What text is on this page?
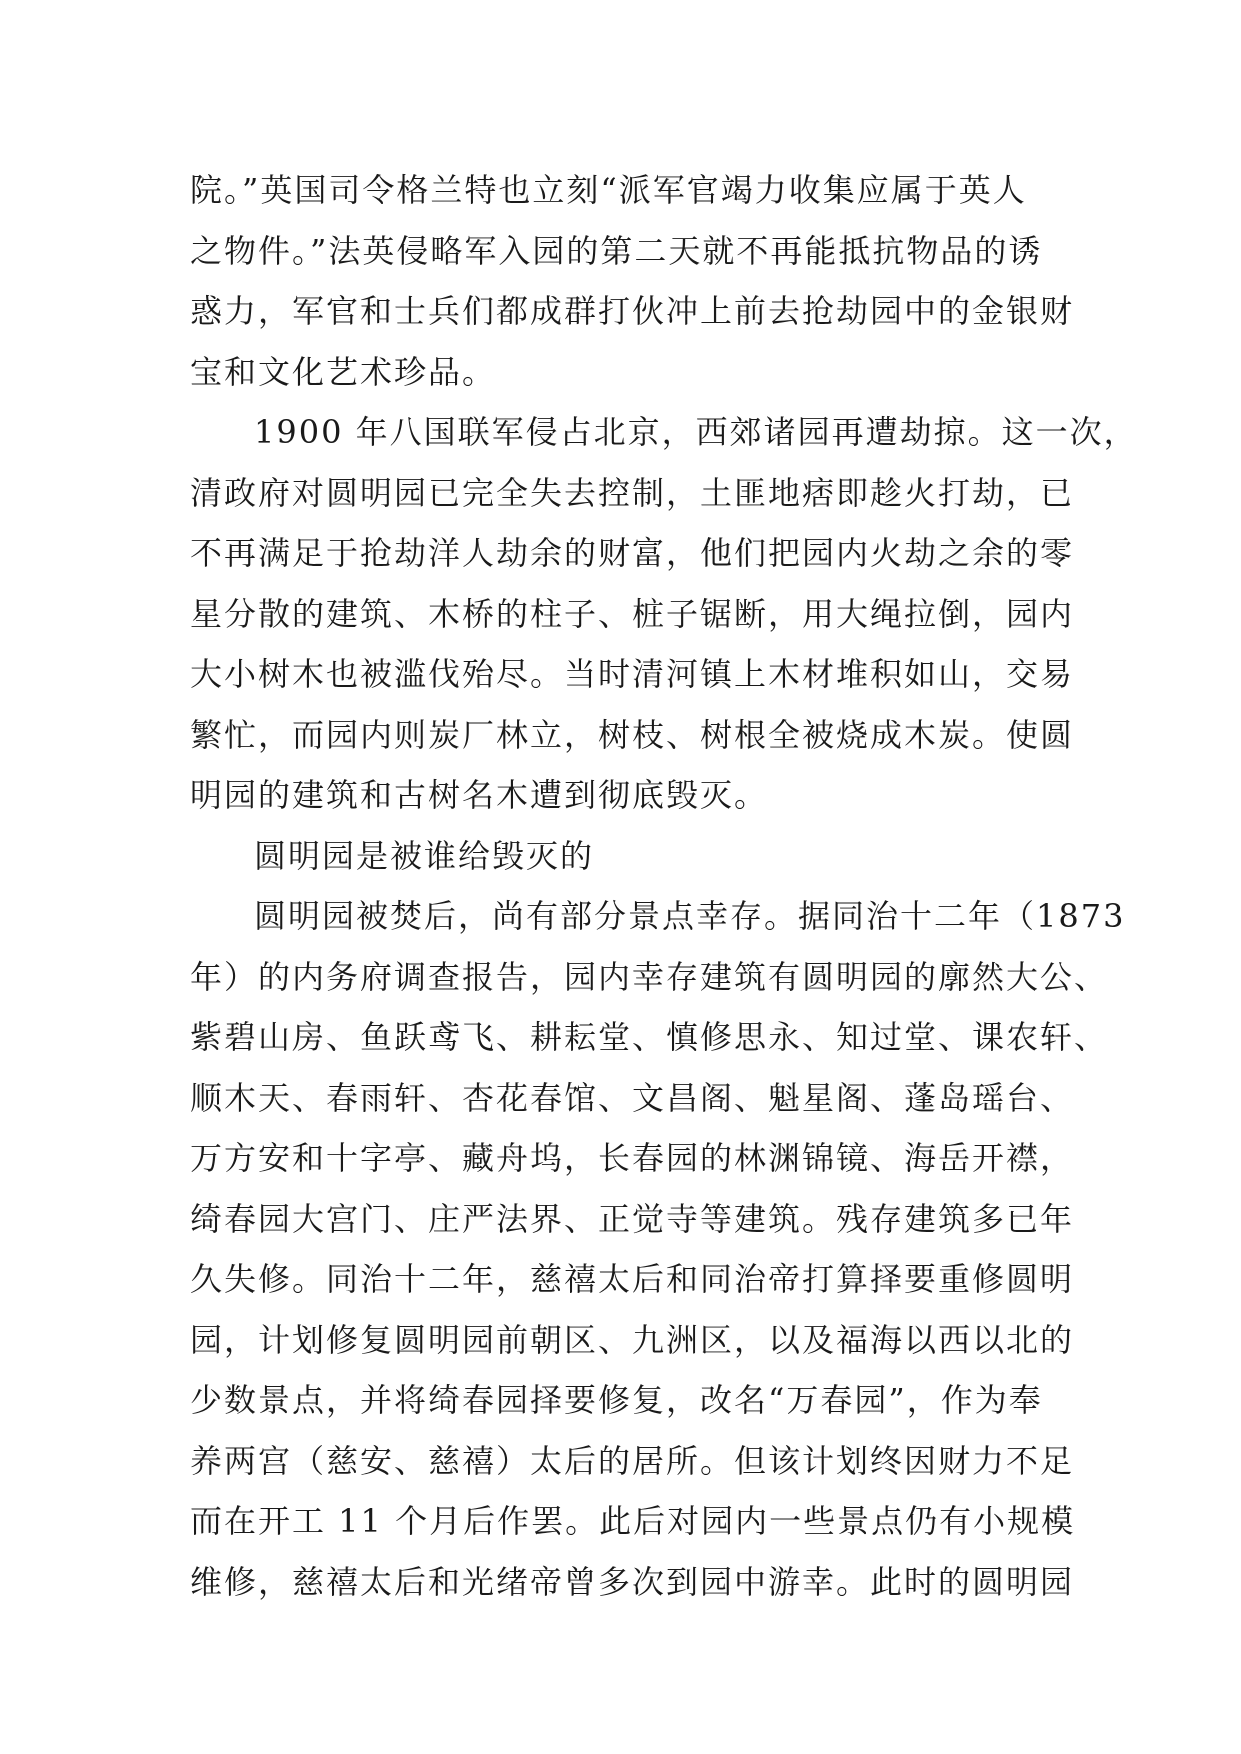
院。”英国司令格兰特也立刻“派军官竭力收集应属于英人
之物件。”法英侵略军入园的第二天就不再能抵抗物品的诱
惑力，军官和士兵们都成群打伙冲上前去抢劫园中的金银财
宝和文化艺术珍品。
1900 年八国联军侵占北京，西郊诸园再遭劫掠。这一次，
清政府对圆明园已完全失去控制，土匪地痞即趁火打劫，已
不再满足于抢劫洋人劫余的财富，他们把园内火劫之余的零
星分散的建筑、木桥的柱子、桩子锯断，用大绳拉倒，园内
大小树木也被滥伐殆尽。当时清河镇上木材堆积如山，交易
繁忙，而园内则炭厂林立，树枝、树根全被烧成木炭。使圆
明园的建筑和古树名木遭到彻底毁灭。
圆明园是被谁给毁灭的
圆明园被焚后，尚有部分景点幸存。据同治十二年（1873
年）的内务府调查报告，园内幸存建筑有圆明园的廓然大公、
紫碧山房、鱼跃鸢飞、耕耘堂、慎修思永、知过堂、课农轩、
顺木天、春雨轩、杏花春馆、文昌阁、魁星阁、蓬岛瑶台、
万方安和十字亭、藏舟坞，长春园的林渊锦镜、海岳开襟，
绮春园大宫门、庄严法界、正觉寺等建筑。残存建筑多已年
久失修。同治十二年，慈禧太后和同治帝打算择要重修圆明
园，计划修复圆明园前朝区、九洲区，以及福海以西以北的
少数景点，并将绮春园择要修复，改名“万春园”，作为奉
养两宫（慈安、慈禧）太后的居所。但该计划终因财力不足
而在开工 11 个月后作罢。此后对园内一些景点仍有小规模
维修，慈禧太后和光绪帝曾多次到园中游幸。此时的圆明园
